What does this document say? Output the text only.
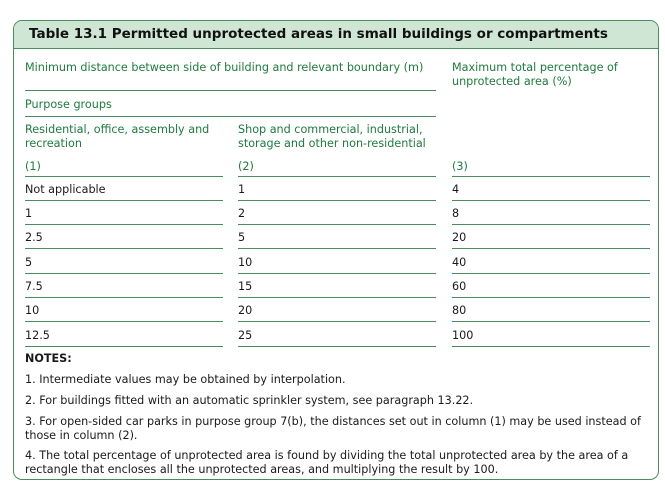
Table 13.1 Permitted unprotected areas in small buildings or compartments
Minimum distance between side of building and relevant boundary (m)	Maximum total percentage of unprotected area (%)
Purpose groups
Residential, office, assembly and recreation
Shop and commercial, industrial, storage and other non-residential
(1)	(2)	(3)
Not applicable	1	4
1	2	8
2.5	5	20
5	10	40
7.5	15	60
10	20	80
12.5	25	100
NOTES:
1. Intermediate values may be obtained by interpolation.
2. For buildings fitted with an automatic sprinkler system, see paragraph 13.22.
3. For open-sided car parks in purpose group 7(b), the distances set out in column (1) may be used instead of those in column (2).
4. The total percentage of unprotected area is found by dividing the total unprotected area by the area of a rectangle that encloses all the unprotected areas, and multiplying the result by 100.
